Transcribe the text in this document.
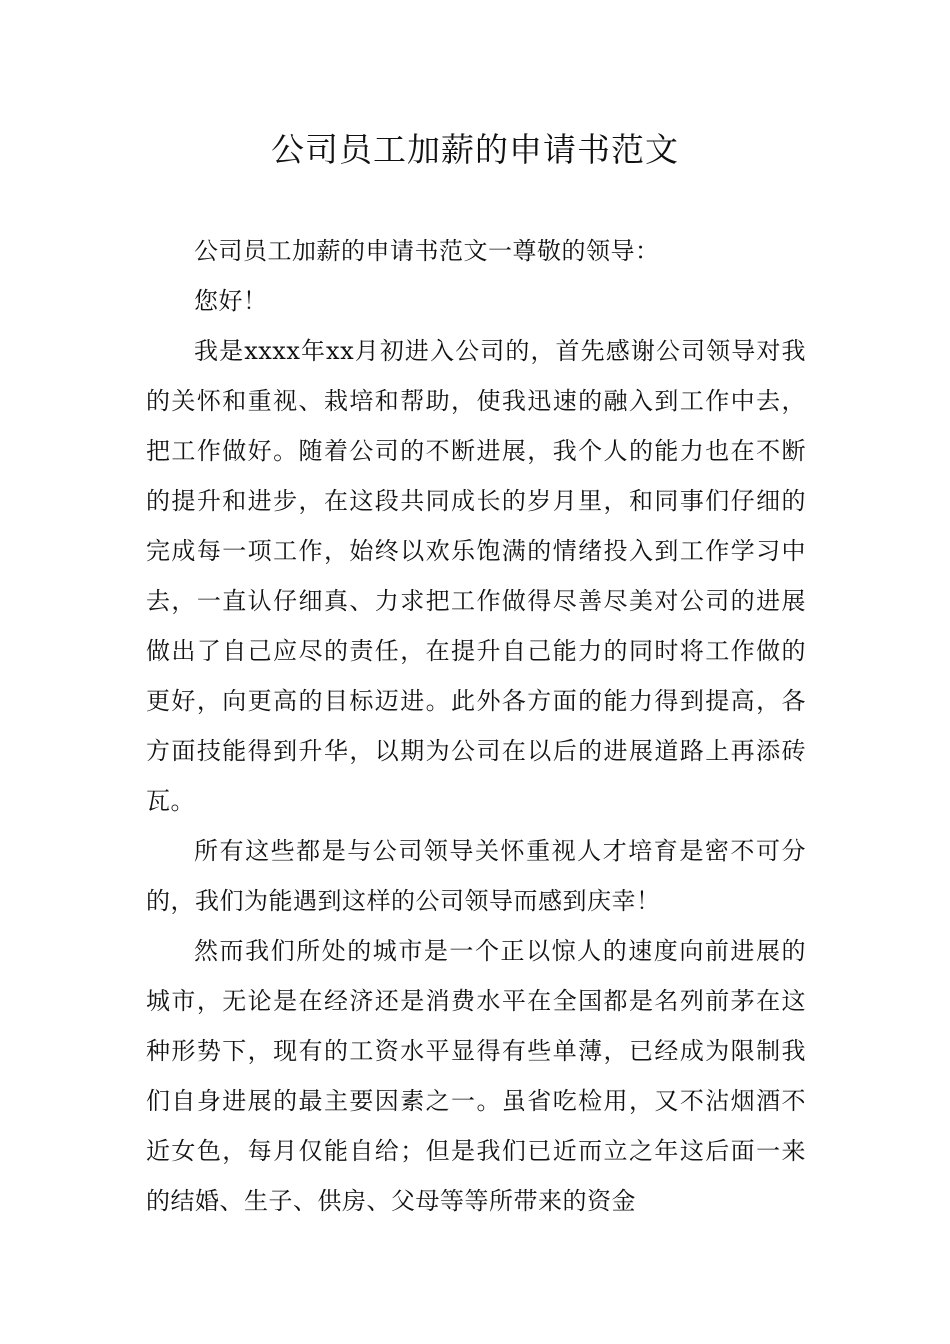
公司员工加薪的申请书范文

公司员工加薪的申请书范文一尊敬的领导：

您好！

我是xxxx年xx月初进入公司的，首先感谢公司领导对我的关怀和重视、栽培和帮助，使我迅速的融入到工作中去，把工作做好。随着公司的不断进展，我个人的能力也在不断的提升和进步，在这段共同成长的岁月里，和同事们仔细的完成每一项工作，始终以欢乐饱满的情绪投入到工作学习中去，一直认仔细真、力求把工作做得尽善尽美对公司的进展做出了自己应尽的责任，在提升自己能力的同时将工作做的更好，向更高的目标迈进。此外各方面的能力得到提高，各方面技能得到升华，以期为公司在以后的进展道路上再添砖瓦。

所有这些都是与公司领导关怀重视人才培育是密不可分的，我们为能遇到这样的公司领导而感到庆幸！

然而我们所处的城市是一个正以惊人的速度向前进展的城市，无论是在经济还是消费水平在全国都是名列前茅在这种形势下，现有的工资水平显得有些单薄，已经成为限制我们自身进展的最主要因素之一。虽省吃检用，又不沾烟酒不近女色，每月仅能自给；但是我们已近而立之年这后面一来的结婚、生子、供房、父母等等所带来的资金
